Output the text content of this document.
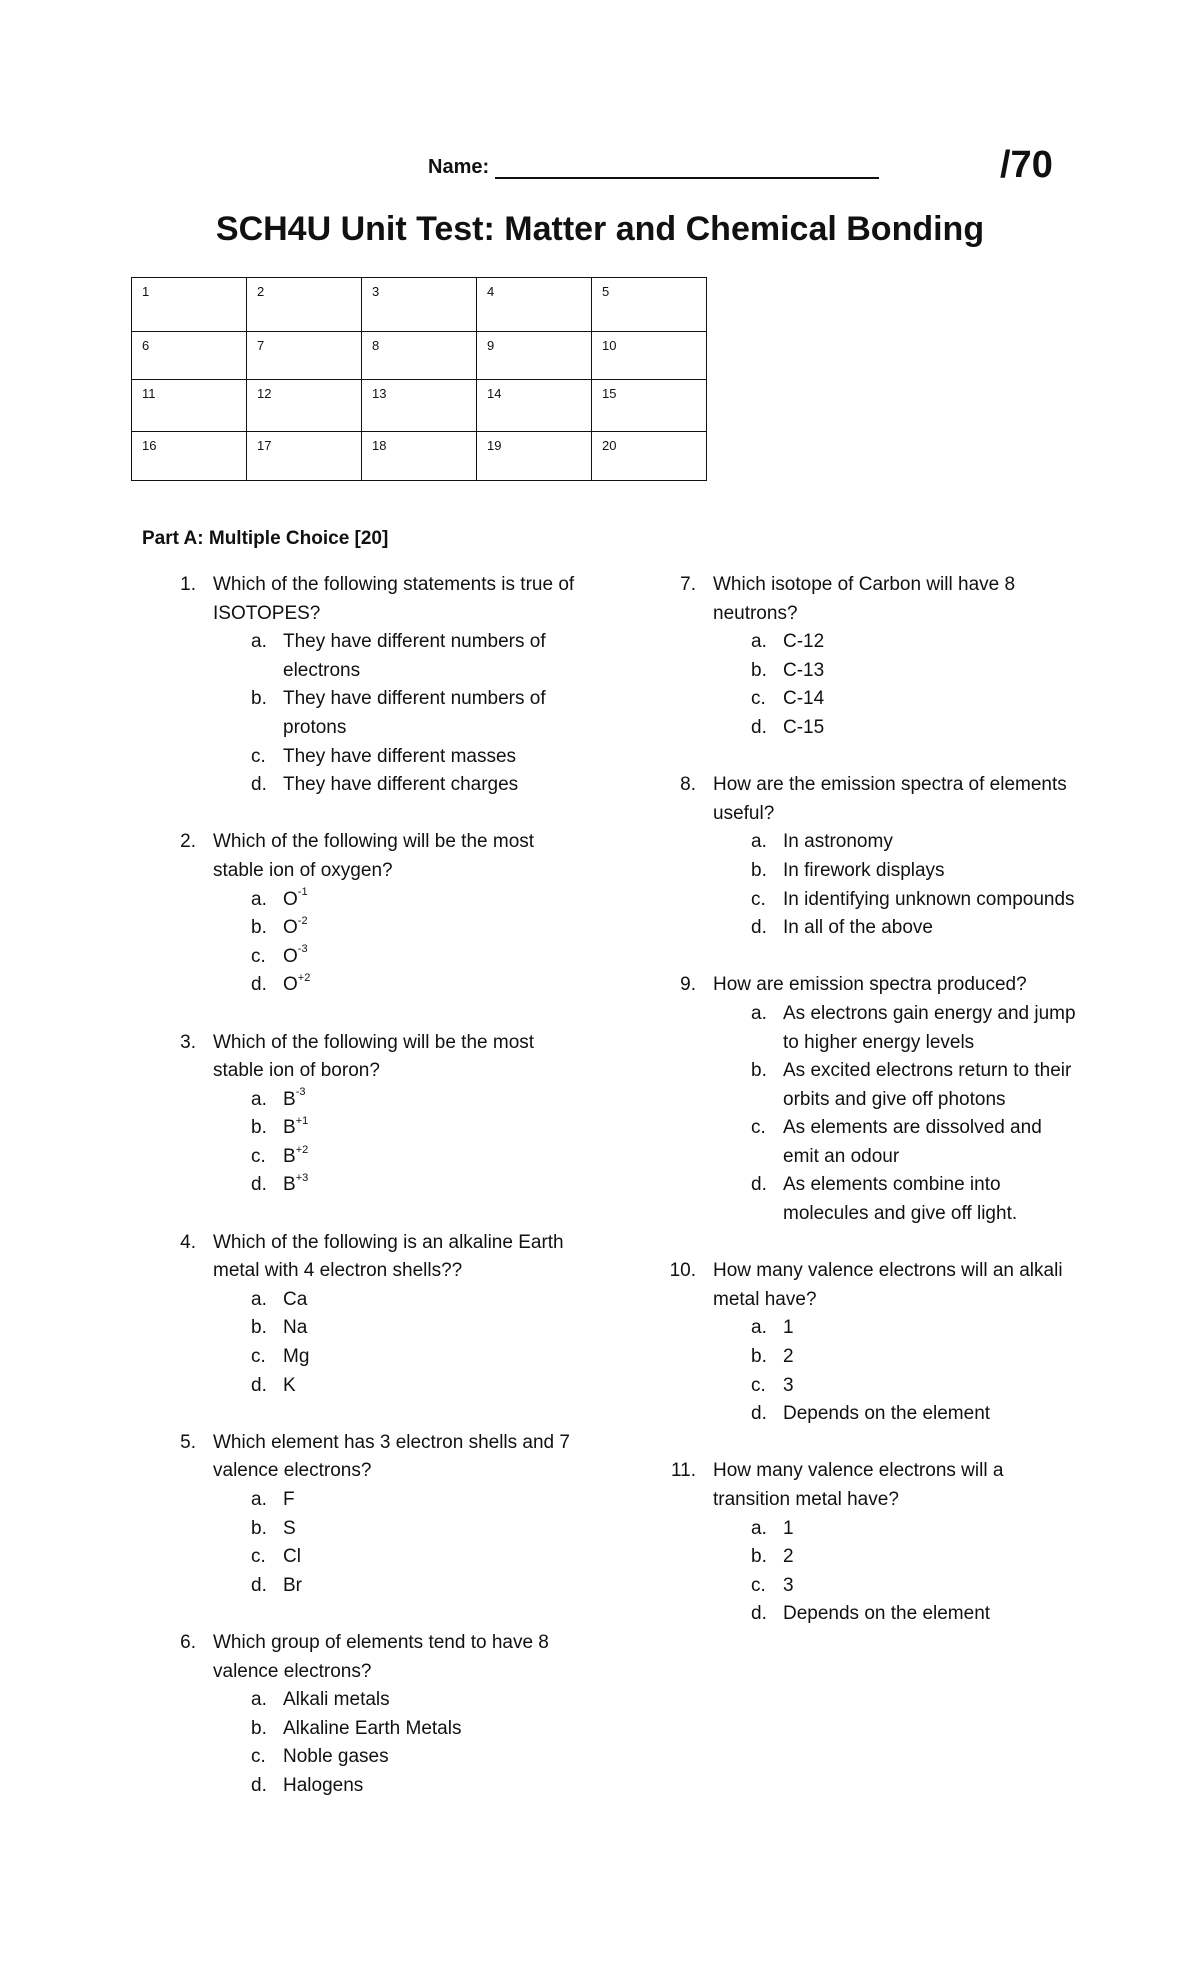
Name:	/70
SCH4U Unit Test: Matter and Chemical Bonding
1	2	3	4	5
6	7	8	9	10
11	12	13	14	15
16	17	18	19	20
Part A: Multiple Choice [20]
1. Which of the following statements is true of ISOTOPES?
a. They have different numbers of electrons
b. They have different numbers of protons
c. They have different masses
d. They have different charges
2. Which of the following will be the most stable ion of oxygen?
a. $O^{-1}$
b. $O^{-2}$
c. $O^{-3}$
d. $O^{+2}$
3. Which of the following will be the most stable ion of boron?
a. $B^{-3}$
b. $B^{+1}$
c. $B^{+2}$
d. $B^{+3}$
4. Which of the following is an alkaline Earth metal with 4 electron shells??
a. Ca
b. Na
c. Mg
d. K
5. Which element has 3 electron shells and 7 valence electrons?
a. F
b. S
c. Cl
d. Br
6. Which group of elements tend to have 8 valence electrons?
a. Alkali metals
b. Alkaline Earth Metals
c. Noble gases
d. Halogens
7. Which isotope of Carbon will have 8 neutrons?
a. C-12
b. C-13
c. C-14
d. C-15
8. How are the emission spectra of elements useful?
a. In astronomy
b. In firework displays
c. In identifying unknown compounds
d. In all of the above
9. How are emission spectra produced?
a. As electrons gain energy and jump to higher energy levels
b. As excited electrons return to their orbits and give off photons
c. As elements are dissolved and emit an odour
d. As elements combine into molecules and give off light.
10. How many valence electrons will an alkali metal have?
a. 1
b. 2
c. 3
d. Depends on the element
11. How many valence electrons will a transition metal have?
a. 1
b. 2
c. 3
d. Depends on the element
